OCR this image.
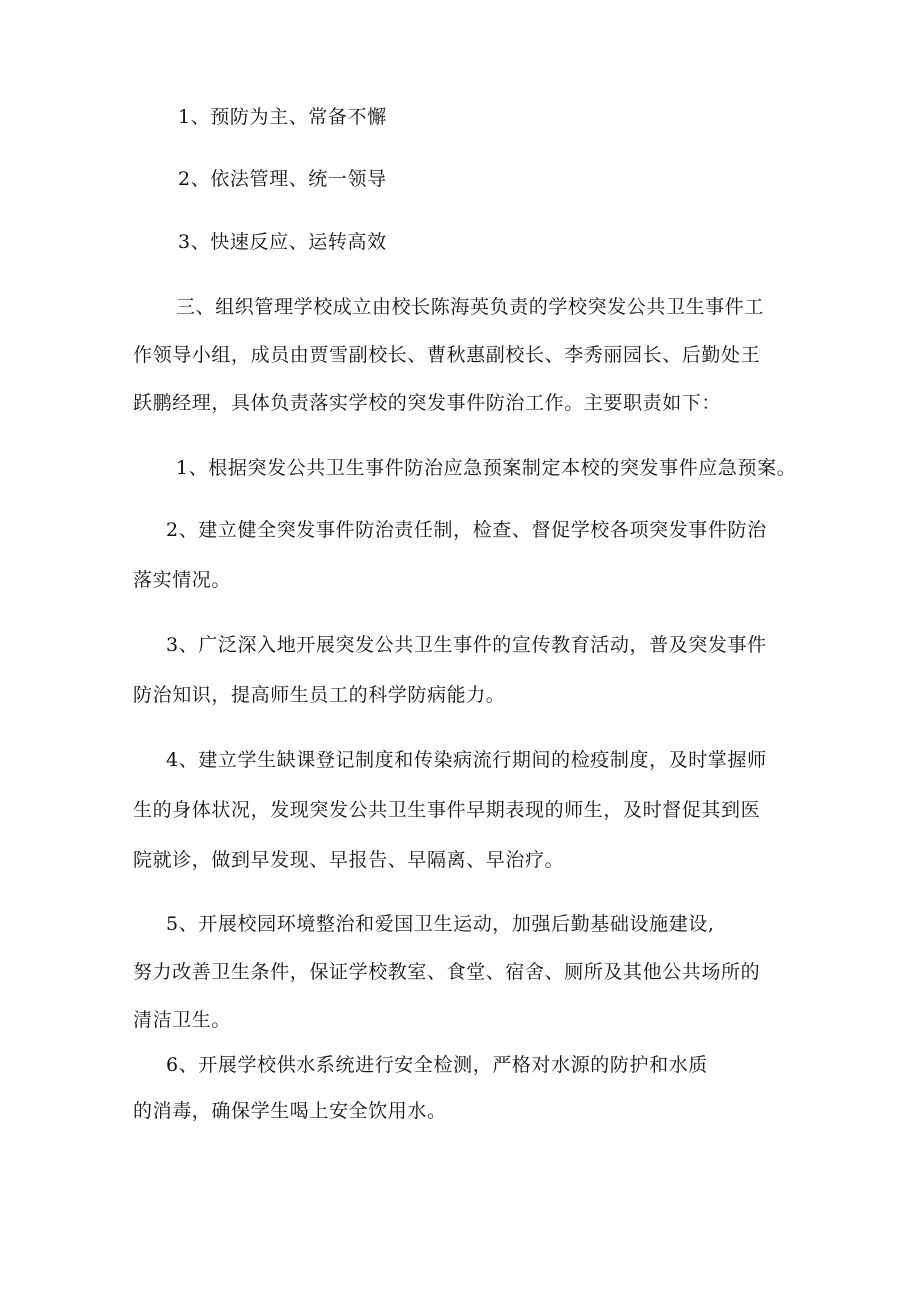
1、预防为主、常备不懈
2、依法管理、统一领导
3、快速反应、运转高效
三、组织管理学校成立由校长陈海英负责的学校突发公共卫生事件工
作领导小组，成员由贾雪副校长、曹秋惠副校长、李秀丽园长、后勤处王
跃鹏经理，具体负责落实学校的突发事件防治工作。主要职责如下：
1、根据突发公共卫生事件防治应急预案制定本校的突发事件应急预案。
2、建立健全突发事件防治责任制，检查、督促学校各项突发事件防治
落实情况。
3、广泛深入地开展突发公共卫生事件的宣传教育活动，普及突发事件
防治知识，提高师生员工的科学防病能力。
4、建立学生缺课登记制度和传染病流行期间的检疫制度，及时掌握师
生的身体状况，发现突发公共卫生事件早期表现的师生，及时督促其到医
院就诊，做到早发现、早报告、早隔离、早治疗。
5、开展校园环境整治和爱国卫生运动，加强后勤基础设施建设,
努力改善卫生条件，保证学校教室、食堂、宿舍、厕所及其他公共场所的
清洁卫生。
6、开展学校供水系统进行安全检测，严格对水源的防护和水质
的消毒，确保学生喝上安全饮用水。
